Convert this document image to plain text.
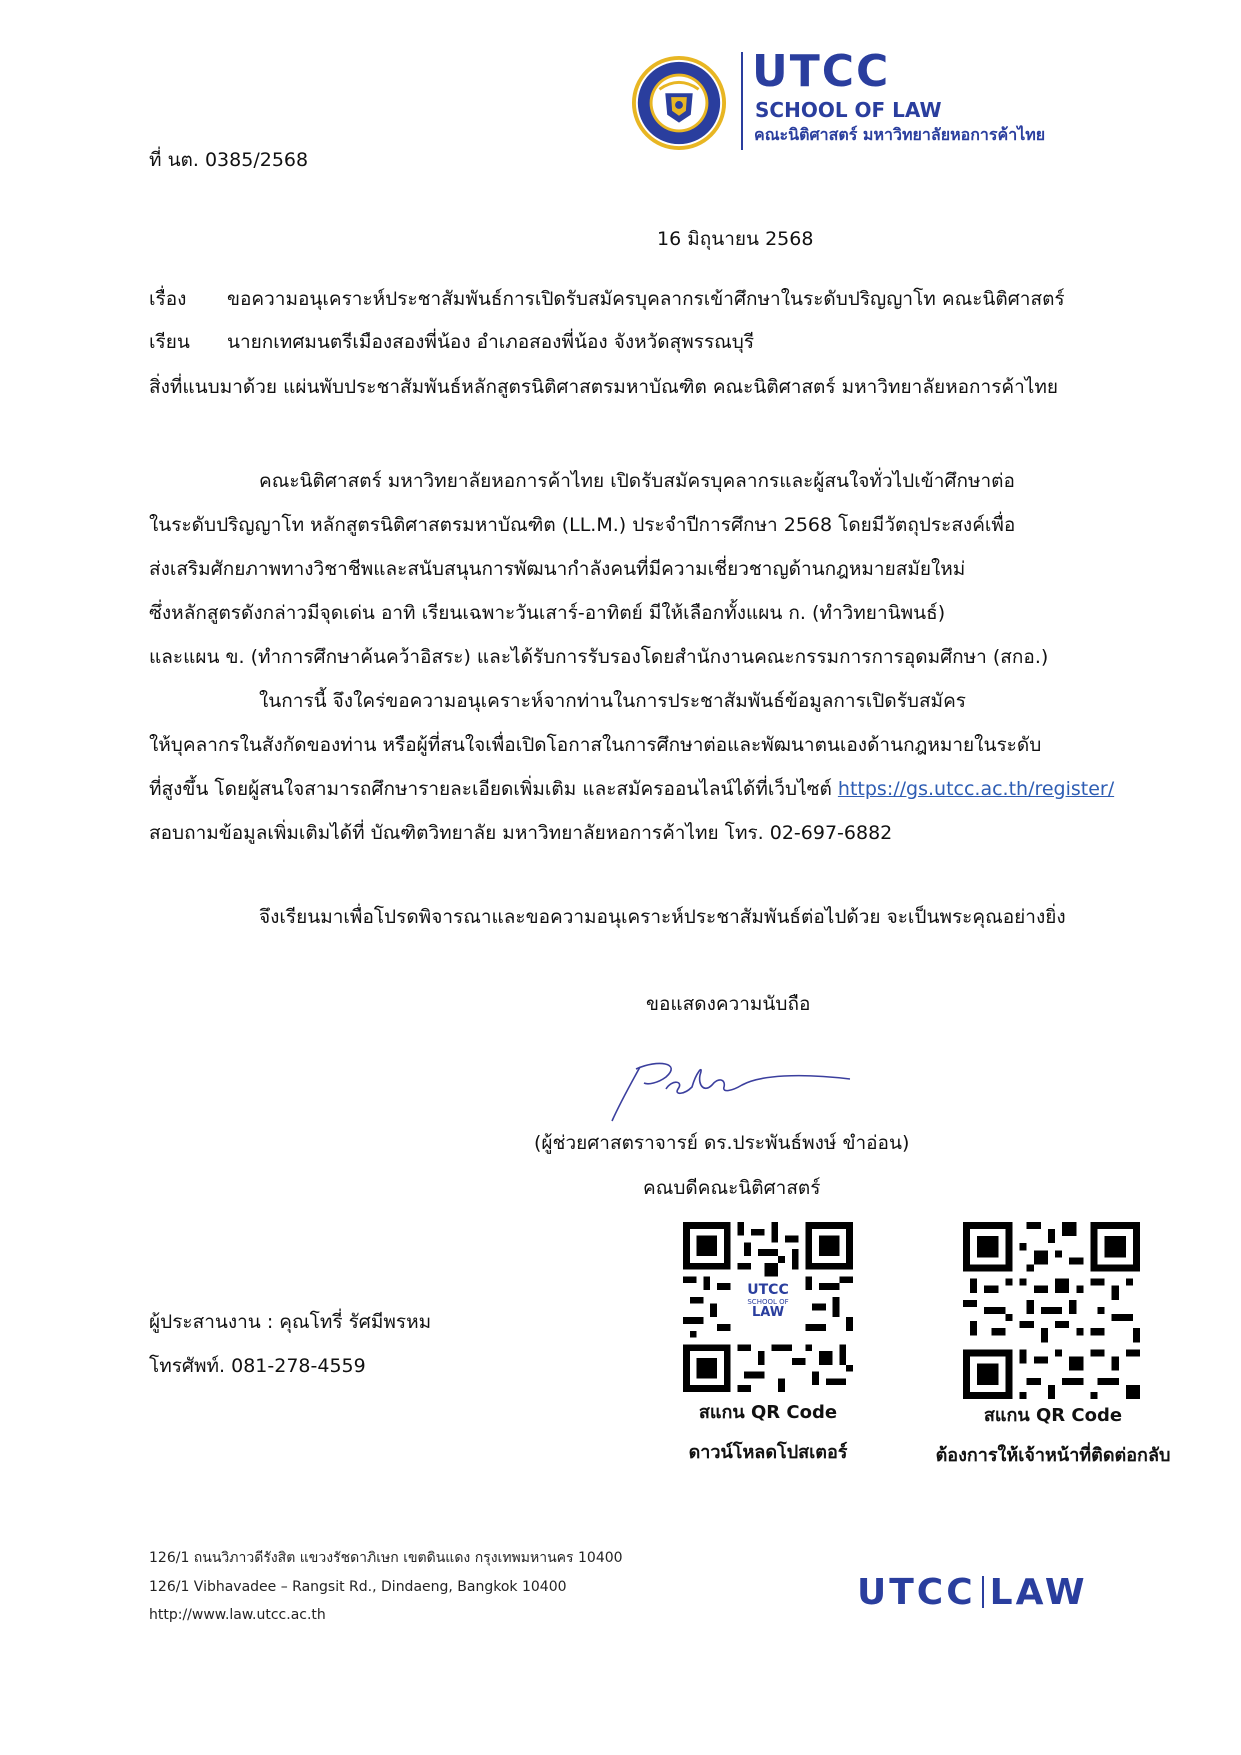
UTCC
SCHOOL OF LAW
คณะนิติศาสตร์ มหาวิทยาลัยหอการค้าไทย
ที่ นต. 0385/2568
16 มิถุนายน 2568
เรื่อง ขอความอนุเคราะห์ประชาสัมพันธ์การเปิดรับสมัครบุคลากรเข้าศึกษาในระดับปริญญาโท คณะนิติศาสตร์
เรียน นายกเทศมนตรีเมืองสองพี่น้อง อำเภอสองพี่น้อง จังหวัดสุพรรณบุรี
สิ่งที่แนบมาด้วย แผ่นพับประชาสัมพันธ์หลักสูตรนิติศาสตรมหาบัณฑิต คณะนิติศาสตร์ มหาวิทยาลัยหอการค้าไทย
คณะนิติศาสตร์ มหาวิทยาลัยหอการค้าไทย เปิดรับสมัครบุคลากรและผู้สนใจทั่วไปเข้าศึกษาต่อ
ในระดับปริญญาโท หลักสูตรนิติศาสตรมหาบัณฑิต (LL.M.) ประจำปีการศึกษา 2568 โดยมีวัตถุประสงค์เพื่อ
ส่งเสริมศักยภาพทางวิชาชีพและสนับสนุนการพัฒนากำลังคนที่มีความเชี่ยวชาญด้านกฎหมายสมัยใหม่
ซึ่งหลักสูตรดังกล่าวมีจุดเด่น อาทิ เรียนเฉพาะวันเสาร์-อาทิตย์ มีให้เลือกทั้งแผน ก. (ทำวิทยานิพนธ์)
และแผน ข. (ทำการศึกษาค้นคว้าอิสระ) และได้รับการรับรองโดยสำนักงานคณะกรรมการการอุดมศึกษา (สกอ.)
ในการนี้ จึงใคร่ขอความอนุเคราะห์จากท่านในการประชาสัมพันธ์ข้อมูลการเปิดรับสมัคร
ให้บุคลากรในสังกัดของท่าน หรือผู้ที่สนใจเพื่อเปิดโอกาสในการศึกษาต่อและพัฒนาตนเองด้านกฎหมายในระดับ
ที่สูงขึ้น โดยผู้สนใจสามารถศึกษารายละเอียดเพิ่มเติม และสมัครออนไลน์ได้ที่เว็บไซต์ https://gs.utcc.ac.th/register/
สอบถามข้อมูลเพิ่มเติมได้ที่ บัณฑิตวิทยาลัย มหาวิทยาลัยหอการค้าไทย โทร. 02-697-6882
จึงเรียนมาเพื่อโปรดพิจารณาและขอความอนุเคราะห์ประชาสัมพันธ์ต่อไปด้วย จะเป็นพระคุณอย่างยิ่ง
ขอแสดงความนับถือ
(ผู้ช่วยศาสตราจารย์ ดร.ประพันธ์พงษ์ ขำอ่อน)
คณบดีคณะนิติศาสตร์
ผู้ประสานงาน : คุณโทรี่ รัศมีพรหม
โทรศัพท์. 081-278-4559
UTCC
SCHOOL OF
LAW
สแกน QR Code
ดาวน์โหลดโปสเตอร์
สแกน QR Code
ต้องการให้เจ้าหน้าที่ติดต่อกลับ
126/1 ถนนวิภาวดีรังสิต แขวงรัชดาภิเษก เขตดินแดง กรุงเทพมหานคร 10400
126/1 Vibhavadee – Rangsit Rd., Dindaeng, Bangkok 10400
http://www.law.utcc.ac.th
UTCC LAW
